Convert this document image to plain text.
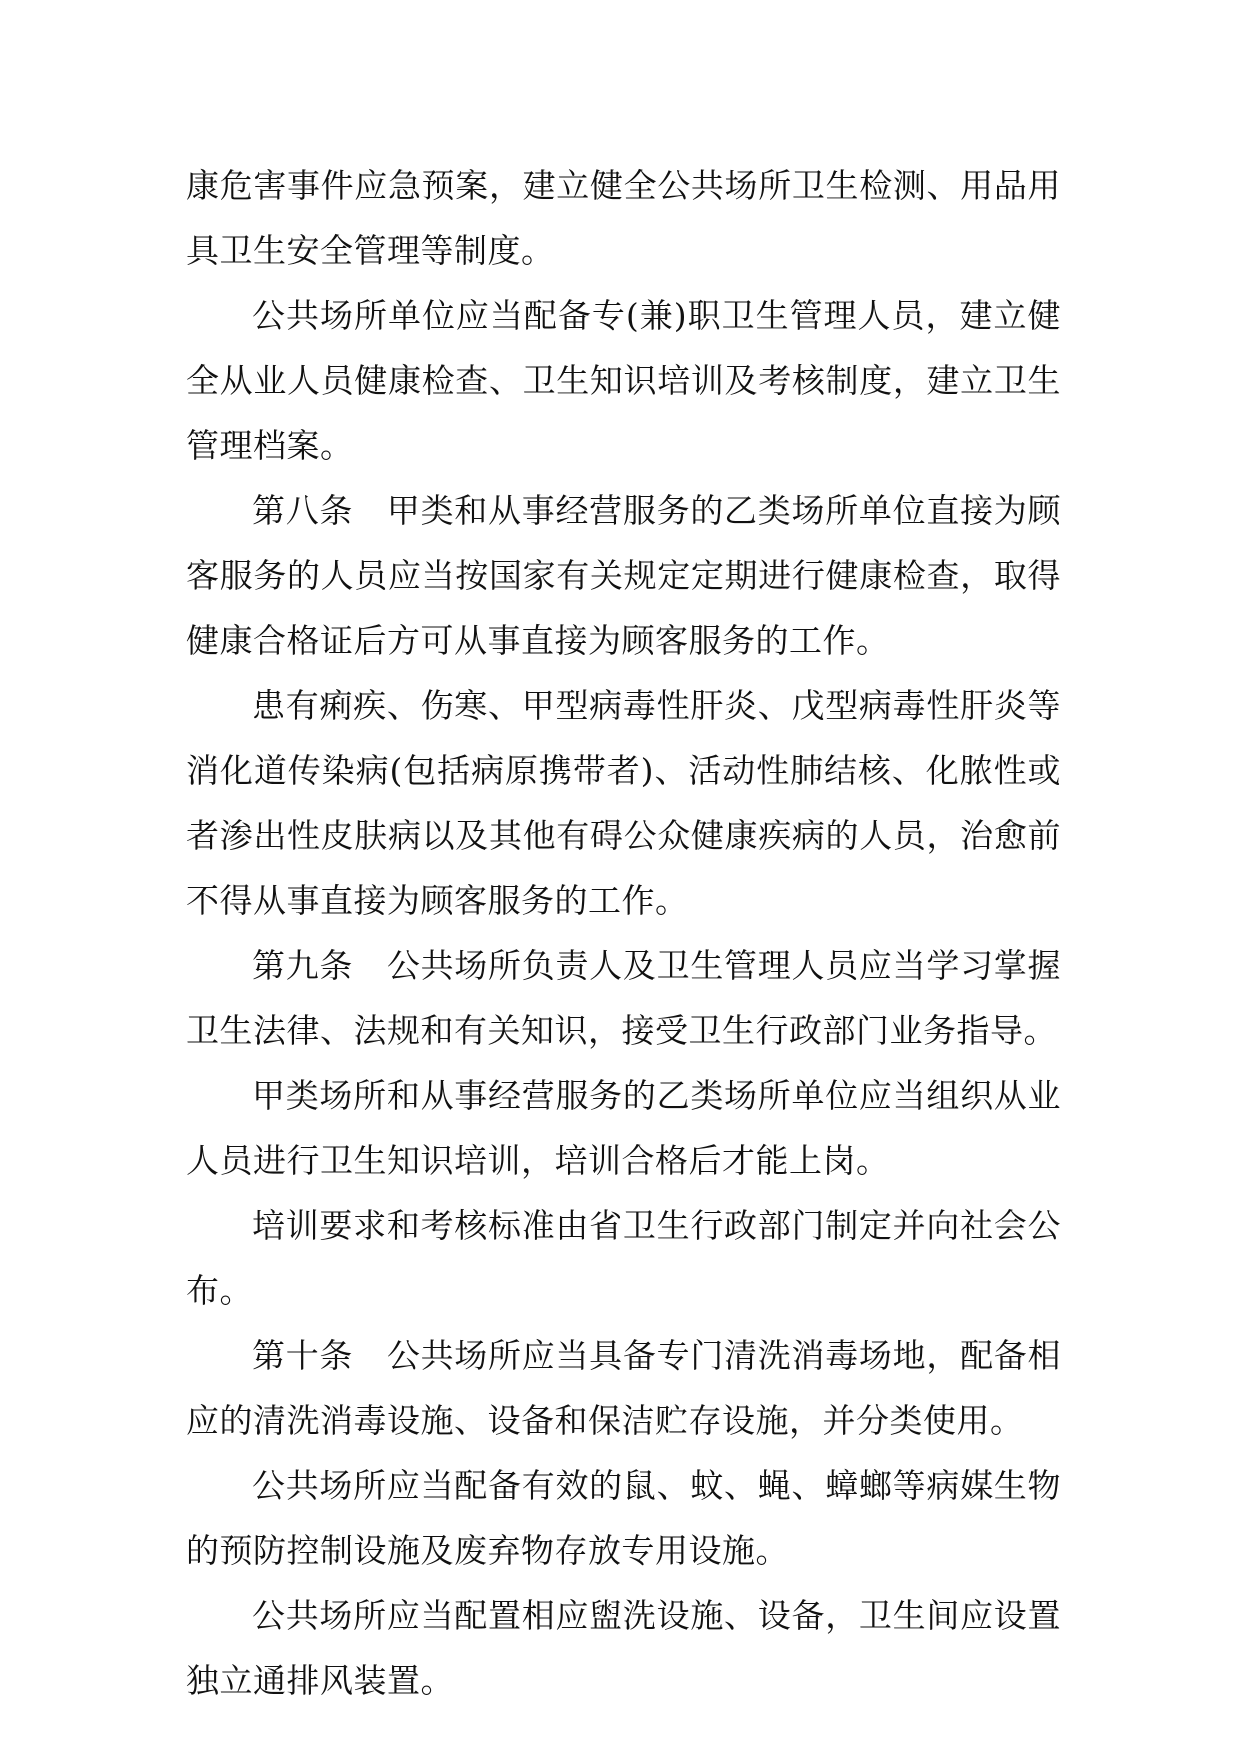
康危害事件应急预案，建立健全公共场所卫生检测、用品用具卫生安全管理等制度。

公共场所单位应当配备专(兼)职卫生管理人员，建立健全从业人员健康检查、卫生知识培训及考核制度，建立卫生管理档案。

第八条　甲类和从事经营服务的乙类场所单位直接为顾客服务的人员应当按国家有关规定定期进行健康检查，取得健康合格证后方可从事直接为顾客服务的工作。

患有痢疾、伤寒、甲型病毒性肝炎、戊型病毒性肝炎等消化道传染病(包括病原携带者)、活动性肺结核、化脓性或者渗出性皮肤病以及其他有碍公众健康疾病的人员，治愈前不得从事直接为顾客服务的工作。

第九条　公共场所负责人及卫生管理人员应当学习掌握卫生法律、法规和有关知识，接受卫生行政部门业务指导。

甲类场所和从事经营服务的乙类场所单位应当组织从业人员进行卫生知识培训，培训合格后才能上岗。

培训要求和考核标准由省卫生行政部门制定并向社会公布。

第十条　公共场所应当具备专门清洗消毒场地，配备相应的清洗消毒设施、设备和保洁贮存设施，并分类使用。

公共场所应当配备有效的鼠、蚊、蝇、蟑螂等病媒生物的预防控制设施及废弃物存放专用设施。

公共场所应当配置相应盥洗设施、设备，卫生间应设置独立通排风装置。
